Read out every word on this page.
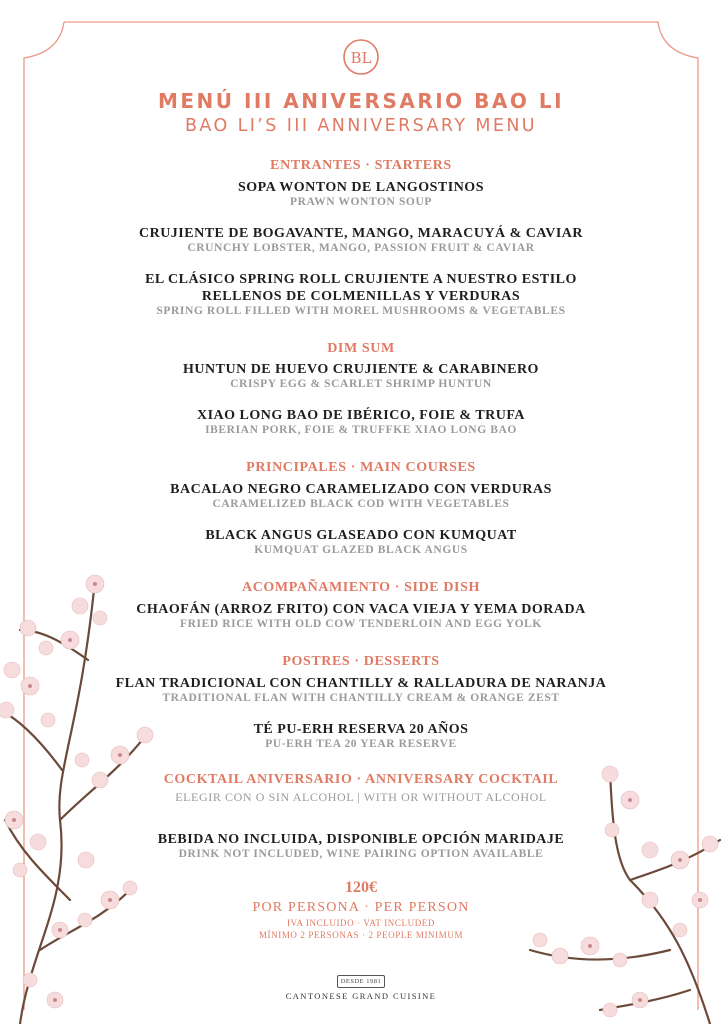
BL
MENÚ III ANIVERSARIO BAO LI
BAO LI’S III ANNIVERSARY MENU
ENTRANTES · STARTERS
SOPA WONTON DE LANGOSTINOS
PRAWN WONTON SOUP
CRUJIENTE DE BOGAVANTE, MANGO, MARACUYÁ & CAVIAR
CRUNCHY LOBSTER, MANGO, PASSION FRUIT & CAVIAR
EL CLÁSICO SPRING ROLL CRUJIENTE A NUESTRO ESTILO
RELLENOS DE COLMENILLAS Y VERDURAS
SPRING ROLL FILLED WITH MOREL MUSHROOMS & VEGETABLES
DIM SUM
HUNTUN DE HUEVO CRUJIENTE & CARABINERO
CRISPY EGG & SCARLET SHRIMP HUNTUN
XIAO LONG BAO DE IBÉRICO, FOIE & TRUFA
IBERIAN PORK, FOIE & TRUFFKE XIAO LONG BAO
PRINCIPALES · MAIN COURSES
BACALAO NEGRO CARAMELIZADO CON VERDURAS
CARAMELIZED BLACK COD WITH VEGETABLES
BLACK ANGUS GLASEADO CON KUMQUAT
KUMQUAT GLAZED BLACK ANGUS
ACOMPAÑAMIENTO · SIDE DISH
CHAOFÁN (ARROZ FRITO) CON VACA VIEJA Y YEMA DORADA
FRIED RICE WITH OLD COW TENDERLOIN AND EGG YOLK
POSTRES · DESSERTS
FLAN TRADICIONAL CON CHANTILLY & RALLADURA DE NARANJA
TRADITIONAL FLAN WITH CHANTILLY CREAM & ORANGE ZEST
TÉ PU-ERH RESERVA 20 AÑOS
PU-ERH TEA 20 YEAR RESERVE
COCKTAIL ANIVERSARIO · ANNIVERSARY COCKTAIL
ELEGIR CON O SIN ALCOHOL | WITH OR WITHOUT ALCOHOL
BEBIDA NO INCLUIDA, DISPONIBLE OPCIÓN MARIDAJE
DRINK NOT INCLUDED, WINE PAIRING OPTION AVAILABLE
120€
POR PERSONA · PER PERSON
IVA INCLUIDO · VAT INCLUDED
MÍNIMO 2 PERSONAS · 2 PEOPLE MINIMUM
DESDE 1981
CANTONESE GRAND CUISINE
